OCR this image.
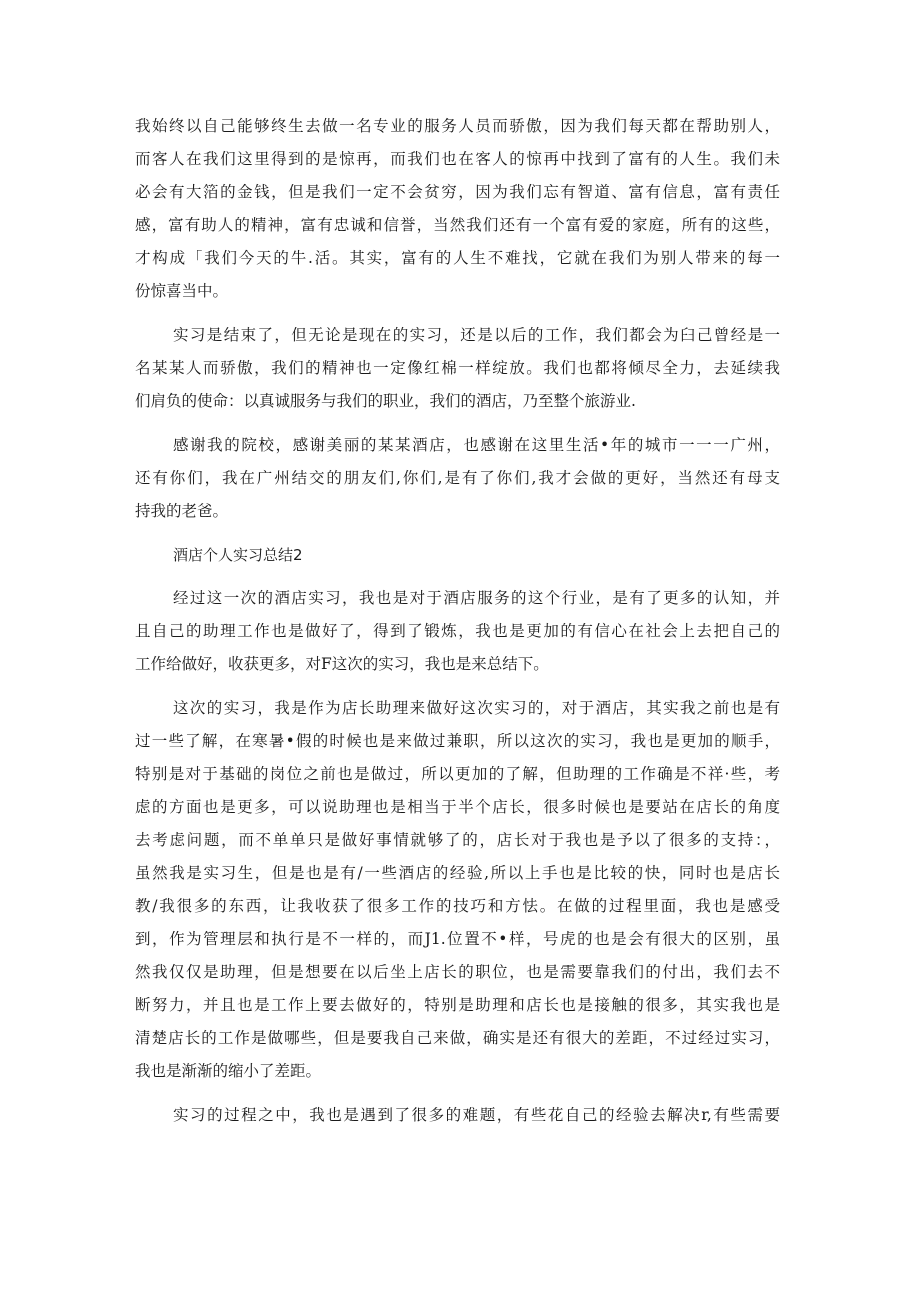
我始终以自己能够终生去做一名专业的服务人员而骄傲，因为我们每天都在帮助别人，
而客人在我们这里得到的是惊再，而我们也在客人的惊再中找到了富有的人生。我们未
必会有大箔的金钱，但是我们一定不会贫穷，因为我们忘有智道、富有信息，富有责任
感，富有助人的精神，富有忠诚和信誉，当然我们还有一个富有爱的家庭，所有的这些，
才构成「我们今天的牛.活。其实，富有的人生不难找，它就在我们为别人带来的每一
份惊喜当中。
实习是结束了，但无论是现在的实习，还是以后的工作，我们都会为臼己曾经是一
名某某人而骄傲，我们的精神也一定像红棉一样绽放。我们也都将倾尽全力，去延续我
们肩负的使命：以真诚服务与我们的职业，我们的酒店，乃至整个旅游业.
感谢我的院校，感谢美丽的某某酒店，也感谢在这里生活•年的城市一一一广州，
还有你们，我在广州结交的朋友们,你们,是有了你们,我才会做的更好，当然还有母支
持我的老爸。
酒店个人实习总结2
经过这一次的酒店实习，我也是对于酒店服务的这个行业，是有了更多的认知，并
且自己的助理工作也是做好了，得到了锻炼，我也是更加的有信心在社会上去把自己的
工作给做好，收获更多，对F这次的实习，我也是来总结下。
这次的实习，我是作为店长助理来做好这次实习的，对于酒店，其实我之前也是有
过一些了解，在寒暑•假的时候也是来做过兼职，所以这次的实习，我也是更加的顺手，
特别是对于基础的岗位之前也是做过，所以更加的了解，但助理的工作确是不祥·些，考
虑的方面也是更多，可以说助理也是相当于半个店长，很多时候也是要站在店长的角度
去考虑问题，而不单单只是做好事情就够了的，店长对于我也是予以了很多的支持：，
虽然我是实习生，但是也是有/一些酒店的经验,所以上手也是比较的快，同时也是店长
教/我很多的东西，让我收获了很多工作的技巧和方怯。在做的过程里面，我也是感受
到，作为管理层和执行是不一样的，而J1.位置不•样，号虎的也是会有很大的区别，虽
然我仅仅是助理，但是想要在以后坐上店长的职位，也是需要靠我们的付出，我们去不
断努力，并且也是工作上要去做好的，特别是助理和店长也是接触的很多，其实我也是
清楚店长的工作是做哪些，但是要我自己来做，确实是还有很大的差距，不过经过实习，
我也是渐渐的缩小了差距。
实习的过程之中，我也是遇到了很多的难题，有些花自己的经验去解决r,有些需要
